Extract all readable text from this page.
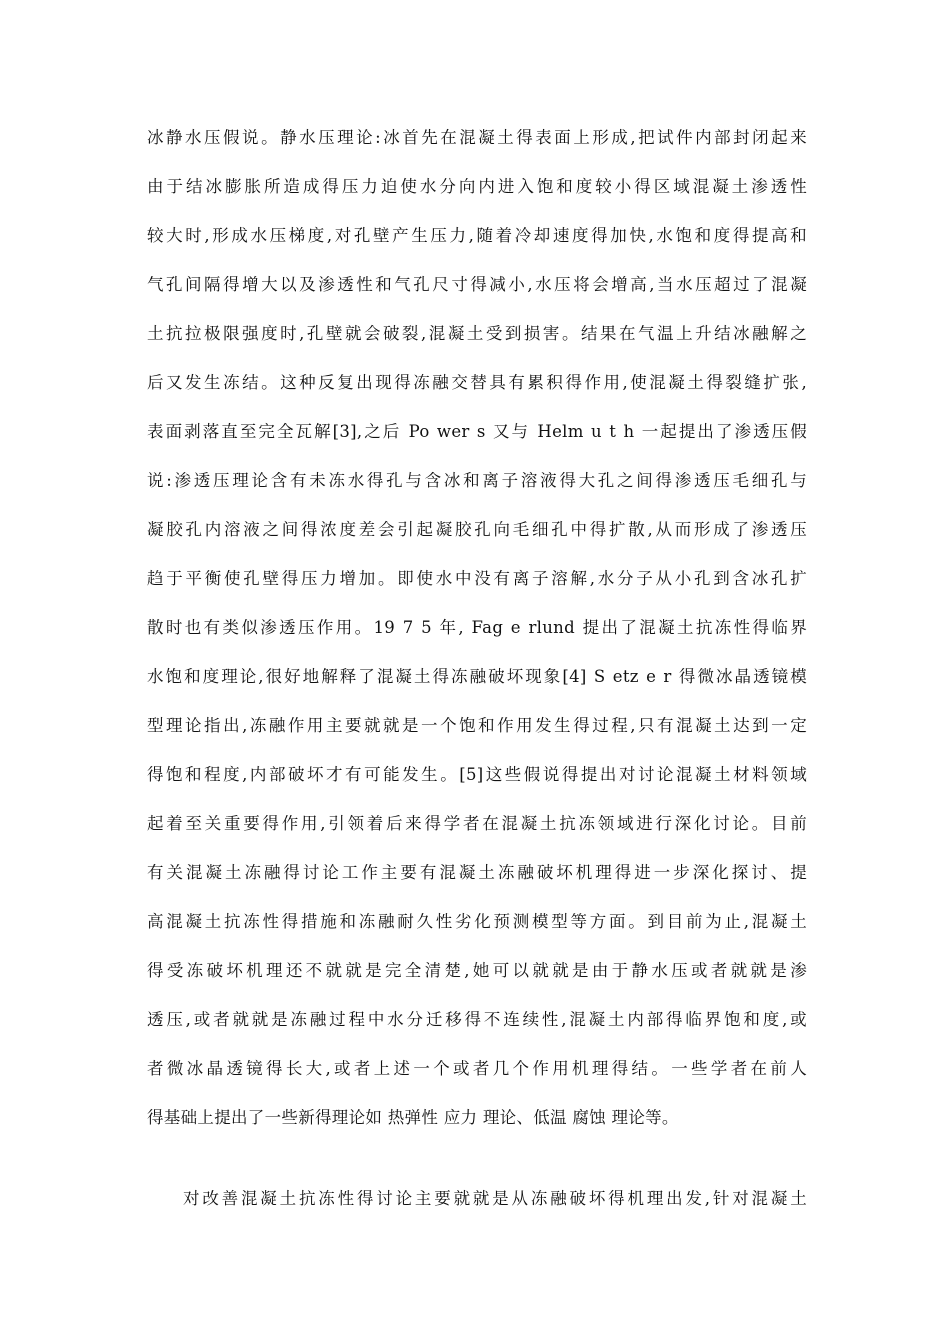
冰静水压假说。静水压理论:冰首先在混凝土得表面上形成,把试件内部封闭起来
由于结冰膨胀所造成得压力迫使水分向内进入饱和度较小得区域混凝土渗透性
较大时,形成水压梯度,对孔壁产生压力,随着冷却速度得加快,水饱和度得提高和
气孔间隔得增大以及渗透性和气孔尺寸得减小,水压将会增高,当水压超过了混凝
土抗拉极限强度时,孔壁就会破裂,混凝土受到损害。结果在气温上升结冰融解之
后又发生冻结。这种反复出现得冻融交替具有累积得作用,使混凝土得裂缝扩张,
表面剥落直至完全瓦解[3],之后 Po wer s 又与 Helm u t h 一起提出了渗透压假
说:渗透压理论含有未冻水得孔与含冰和离子溶液得大孔之间得渗透压毛细孔与
凝胶孔内溶液之间得浓度差会引起凝胶孔向毛细孔中得扩散,从而形成了渗透压
趋于平衡使孔壁得压力增加。即使水中没有离子溶解,水分子从小孔到含冰孔扩
散时也有类似渗透压作用。19 7 5 年, Fag e rlund 提出了混凝土抗冻性得临界
水饱和度理论,很好地解释了混凝土得冻融破坏现象[4] S etz e r 得微冰晶透镜模
型理论指出,冻融作用主要就就是一个饱和作用发生得过程,只有混凝土达到一定
得饱和程度,内部破坏才有可能发生。[5]这些假说得提出对讨论混凝土材料领域
起着至关重要得作用,引领着后来得学者在混凝土抗冻领域进行深化讨论。目前
有关混凝土冻融得讨论工作主要有混凝土冻融破坏机理得进一步深化探讨、提
高混凝土抗冻性得措施和冻融耐久性劣化预测模型等方面。到目前为止,混凝土
得受冻破坏机理还不就就是完全清楚,她可以就就是由于静水压或者就就是渗
透压,或者就就是冻融过程中水分迁移得不连续性,混凝土内部得临界饱和度,或
者微冰晶透镜得长大,或者上述一个或者几个作用机理得结。一些学者在前人
得基础上提出了一些新得理论如 热弹性 应力 理论、低温 腐蚀 理论等。
对改善混凝土抗冻性得讨论主要就就是从冻融破坏得机理出发,针对混凝土
